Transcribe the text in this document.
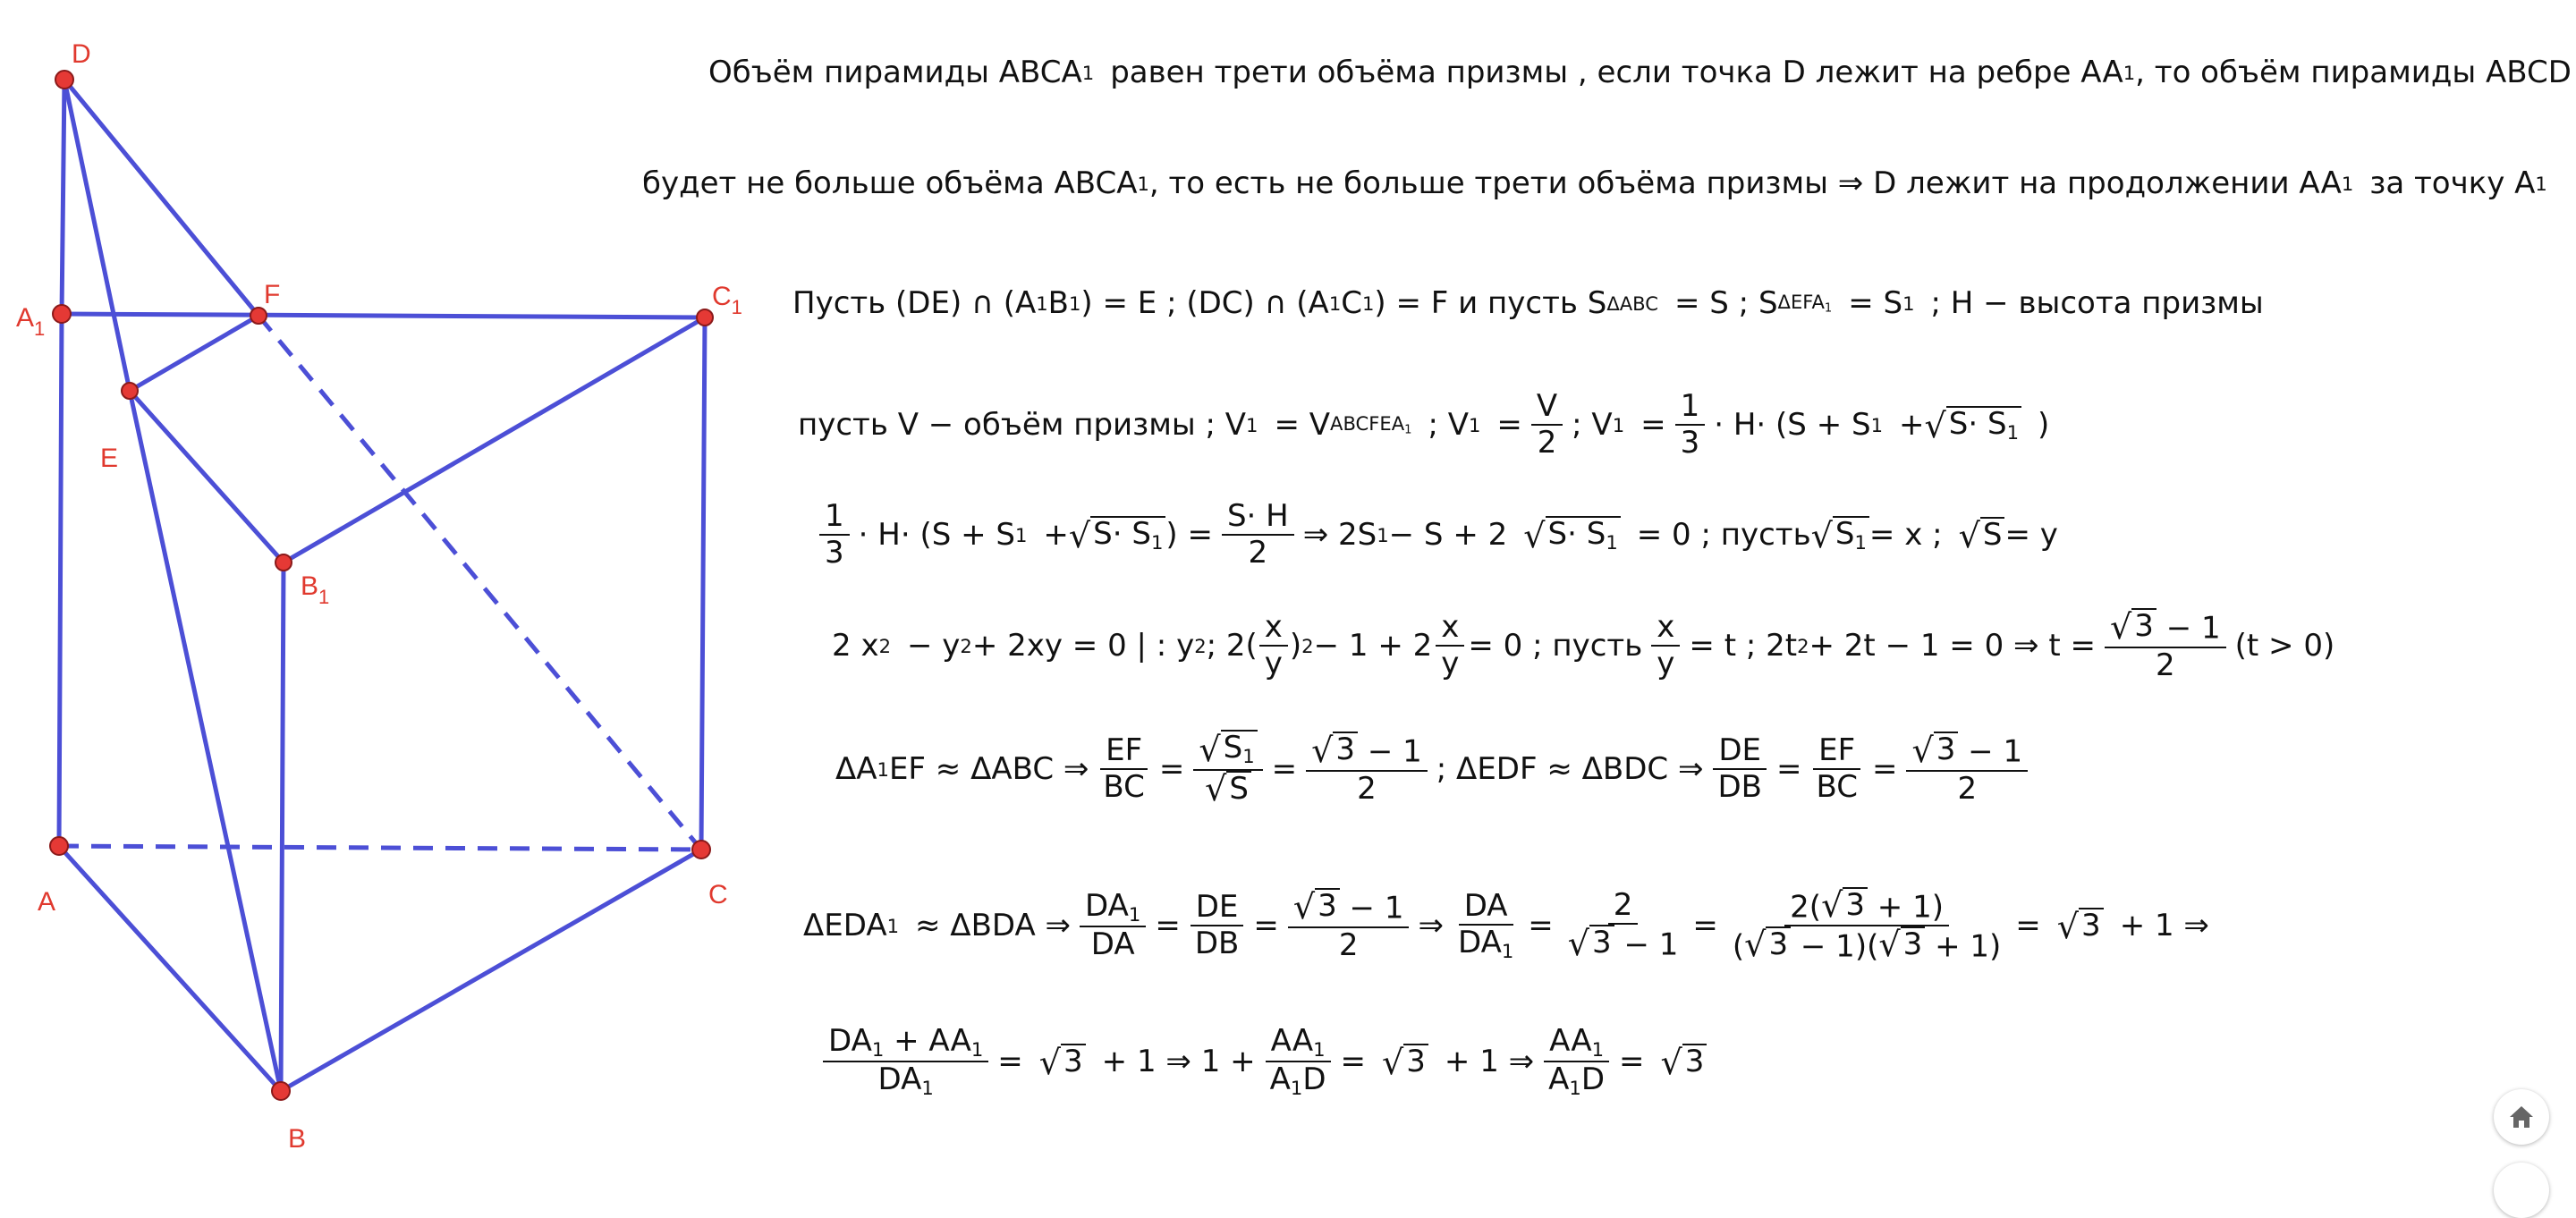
D
F
$A_1$
$C_1$
E
$B_1$
A	C
B
Объём пирамиды ABCA 1 равен трети объёма призмы , если точка D лежит на ребре AA 1 , то объём пирамиды ABCD
будет не больше объёма ABCA 1 , то есть не больше трети объёма призмы ⇒ D лежит на продолжении AA 1 за точку A 1
Пусть (DE) ∩ (A 1 B 1 ) = E ; (DC) ∩ (A 1 C 1 ) = F и пусть S ΔABC = S ; S $\Delta EFA_1 = S$ 1 ; H − высота призмы
пусть V − объём призмы ; V 1 = V $ABCFEA_1$ ; V $1 = \frac{V}{2}$ ; V $1 = \frac{1}{3} \cdot H\cdot (S + S$ 1 + √ $S\cdot S_1$ )
$\frac{1}{3} \cdot H\cdot (S + S$ 1 + √ $S\cdot S_1$ ) = $\frac{S\cdot H}{2}$ ⇒ 2S 1 − S + 2 √ $S\cdot S_1 = 0$ ; пусть √ $S_1 = x$ ; √ S = y
2 x 2 − y 2 + 2xy = 0 | : y 2 ; $2( \frac{x}{y}$ ) $2 - 1 + 2 \frac{x}{y} = 0$ ; пусть $\frac{x}{y} = t$ ; 2t 2 + 2t − 1 = 0 ⇒ $t = \frac{√ 3 - 1}{2} (t > 0)$
ΔA 1 EF ≈ ΔABC ⇒ $\frac{EF}{BC} = \frac{√ S_1}{√ S} = \frac{√ 3 - 1}{2}$ ; ΔEDF ≈ ΔBDC ⇒ $\frac{DE}{DB} = \frac{EF}{BC} = \frac{√ 3 - 1}{2}$
ΔEDA 1 ≈ ΔBDA ⇒ $\frac{DA_1}{DA} = \frac{DE}{DB} = \frac{√ 3 - 1}{2}$ ⇒ $\frac{DA}{DA_1} = \frac{2}{√ 3 - 1} = \frac{2( √ 3 + 1)}{( √ 3 - 1)( √ 3 + 1)}$ = √ 3 + 1 ⇒
$\frac{DA_1 + AA_1}{DA_1}$ = √ 3 + 1 ⇒ $1 + \frac{AA_1}{A_1D}$ = √ 3 + 1 ⇒ $\frac{AA_1}{A_1D}$ = √ 3
